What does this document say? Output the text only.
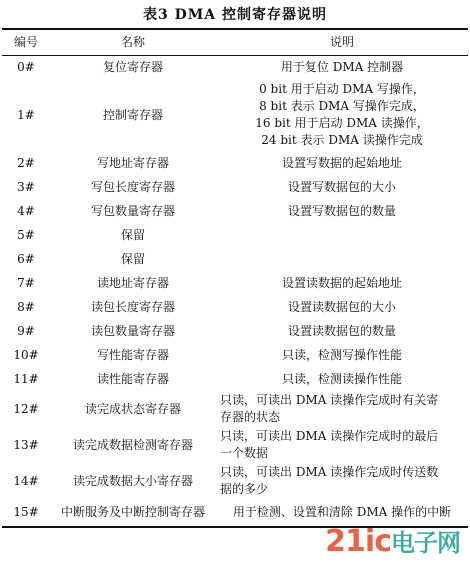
表3 DMA 控制寄存器说明
编号	名称	说明
0#	复位寄存器	用于复位 DMA 控制器

1#	控制寄存器	0 bit 用于启动 DMA 写操作，
8 bit 表示 DMA 写操作完成，
16 bit 用于启动 DMA 读操作，
24 bit 表示 DMA 读操作完成

2#	写地址寄存器	设置写数据的起始地址

3#	写包长度寄存器	设置写数据包的大小

4#	写包数量寄存器	设置写数据包的数量

5#	保留	
6#	保留	
7#	读地址寄存器	设置读数据的起始地址

8#	读包长度寄存器	设置读数据包的大小

9#	读包数量寄存器	设置读数据包的数量

10#	写性能寄存器	只读，检测写操作性能

11#	读性能寄存器	只读，检测读操作性能

12#	读完成状态寄存器	只读，可读出 DMA 读操作完成时有关寄
存器的状态

13#	读完成数据检测寄存器	只读，可读出 DMA 读操作完成时的最后
一个数据

14#	读完成数据大小寄存器	只读，可读出 DMA 读操作完成时传送数
据的多少

15#	中断服务及中断控制寄存器	用于检测、设置和清除 DMA 操作的中断
21ic电子网
